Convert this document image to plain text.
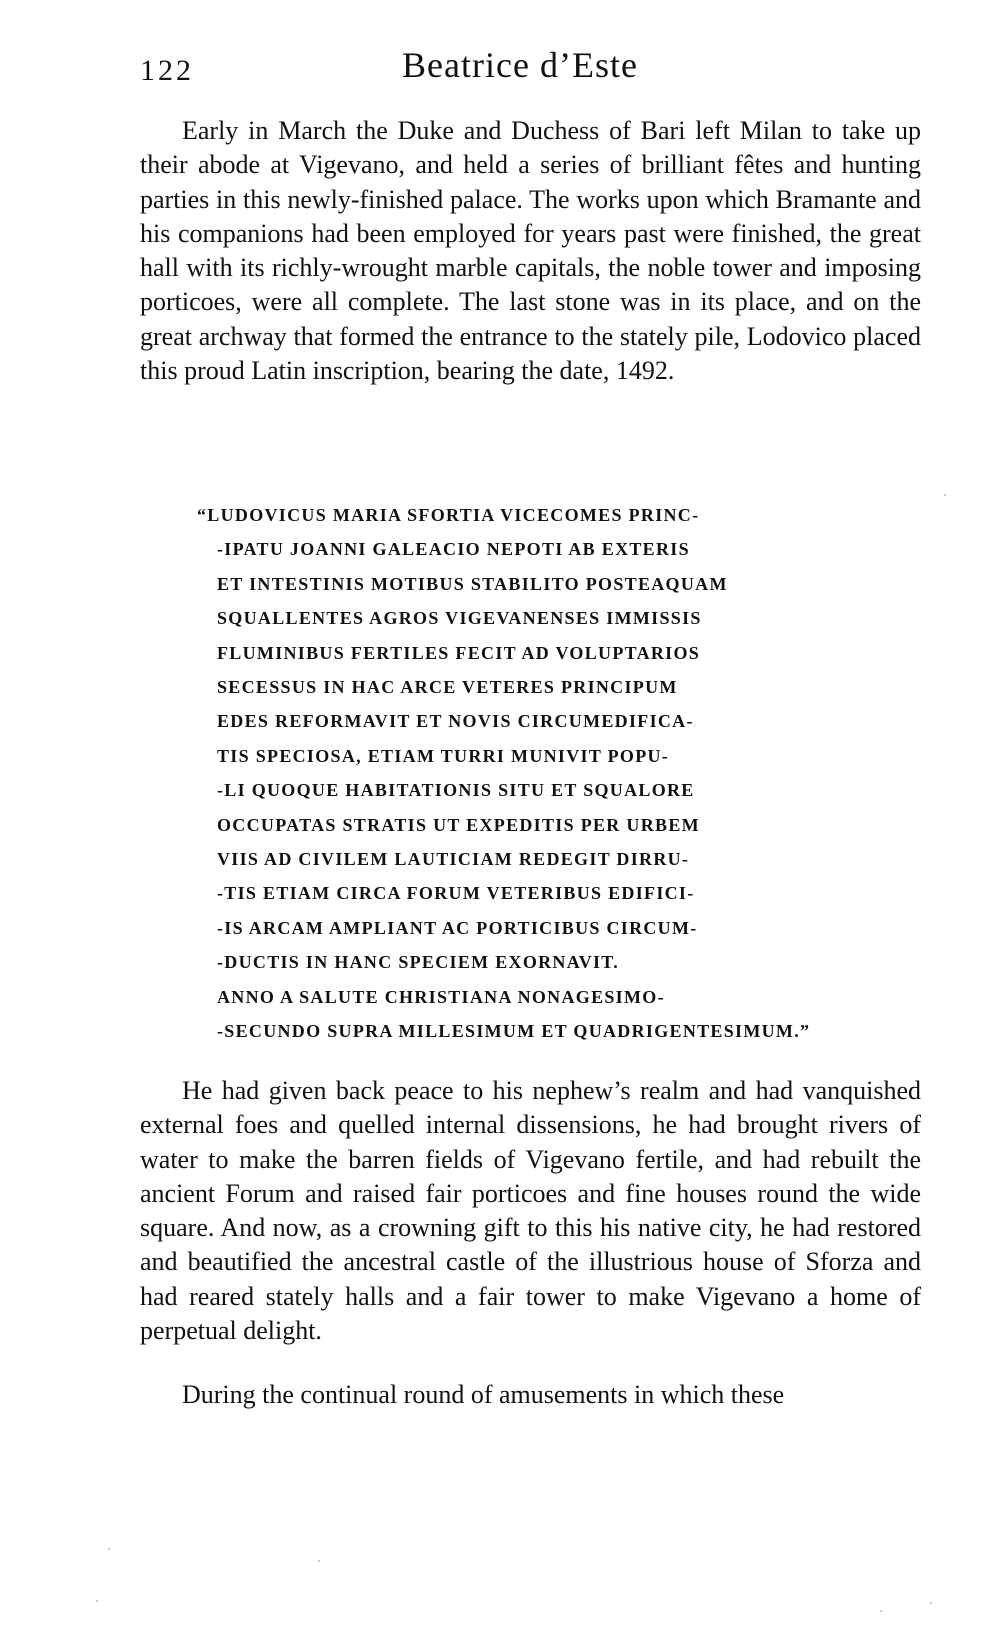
122	Beatrice d’Este

Early in March the Duke and Duchess of Bari left Milan to take up their abode at Vigevano, and held a series of brilliant fêtes and hunting parties in this newly-finished palace. The works upon which Bramante and his companions had been employed for years past were finished, the great hall with its richly-wrought marble capitals, the noble tower and imposing porticoes, were all complete. The last stone was in its place, and on the great archway that formed the entrance to the stately pile, Lodovico placed this proud Latin inscription, bearing the date, 1492.

“LUDOVICUS MARIA SFORTIA VICECOMES PRINC-
-IPATU JOANNI GALEACIO NEPOTI AB EXTERIS
ET INTESTINIS MOTIBUS STABILITO POSTEAQUAM
SQUALLENTES AGROS VIGEVANENSES IMMISSIS
FLUMINIBUS FERTILES FECIT AD VOLUPTARIOS
SECESSUS IN HAC ARCE VETERES PRINCIPUM
EDES REFORMAVIT ET NOVIS CIRCUMEDIFICA-
TIS SPECIOSA, ETIAM TURRI MUNIVIT POPU-
-LI QUOQUE HABITATIONIS SITU ET SQUALORE
OCCUPATAS STRATIS UT EXPEDITIS PER URBEM
VIIS AD CIVILEM LAUTICIAM REDEGIT DIRRU-
-TIS ETIAM CIRCA FORUM VETERIBUS EDIFICI-
-IS ARCAM AMPLIANT AC PORTICIBUS CIRCUM-
-DUCTIS IN HANC SPECIEM EXORNAVIT.
ANNO A SALUTE CHRISTIANA NONAGESIMO-
-SECUNDO SUPRA MILLESIMUM ET QUADRIGENTESIMUM.”

He had given back peace to his nephew’s realm and had vanquished external foes and quelled internal dissensions, he had brought rivers of water to make the barren fields of Vigevano fertile, and had rebuilt the ancient Forum and raised fair porticoes and fine houses round the wide square. And now, as a crowning gift to this his native city, he had restored and beautified the ancestral castle of the illustrious house of Sforza and had reared stately halls and a fair tower to make Vigevano a home of perpetual delight.

During the continual round of amusements in which these
